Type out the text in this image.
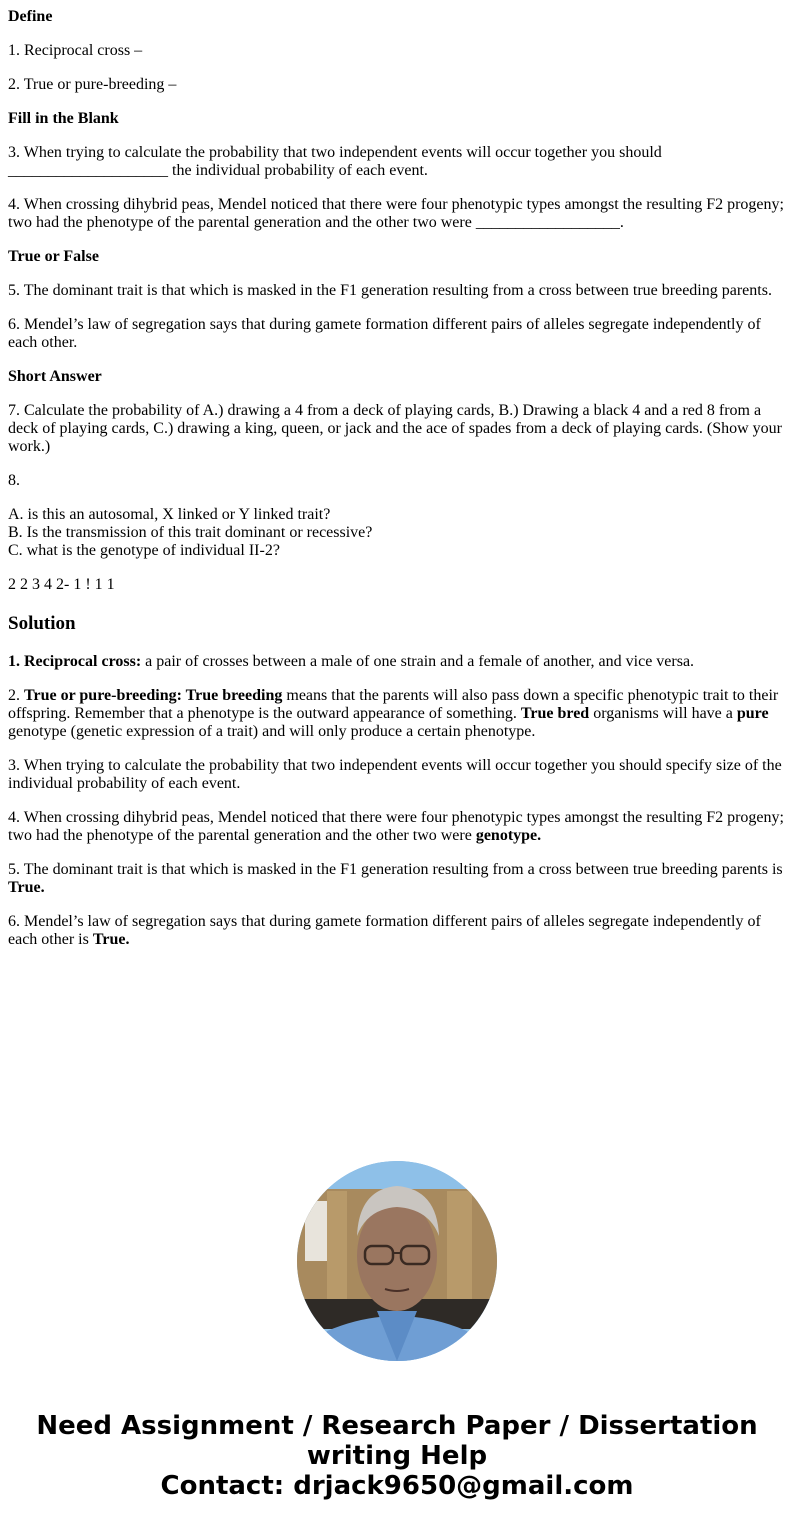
Define

1. Reciprocal cross –

2. True or pure-breeding –

Fill in the Blank

3. When trying to calculate the probability that two independent events will occur together you should
____________________ the individual probability of each event.

4. When crossing dihybrid peas, Mendel noticed that there were four phenotypic types amongst the resulting F2 progeny; two had the phenotype of the parental generation and the other two were __________________.

True or False

5. The dominant trait is that which is masked in the F1 generation resulting from a cross between true breeding parents.

6. Mendel’s law of segregation says that during gamete formation different pairs of alleles segregate independently of each other.

Short Answer

7. Calculate the probability of A.) drawing a 4 from a deck of playing cards, B.) Drawing a black 4 and a red 8 from a deck of playing cards, C.) drawing a king, queen, or jack and the ace of spades from a deck of playing cards. (Show your work.)

8.

A. is this an autosomal, X linked or Y linked trait?
B. Is the transmission of this trait dominant or recessive?
C. what is the genotype of individual II-2?

2 2 3 4 2- 1 ! 1 1

Solution

1. Reciprocal cross: a pair of crosses between a male of one strain and a female of another, and vice versa.

2. True or pure-breeding: True breeding means that the parents will also pass down a specific phenotypic trait to their offspring. Remember that a phenotype is the outward appearance of something. True bred organisms will have a pure genotype (genetic expression of a trait) and will only produce a certain phenotype.

3. When trying to calculate the probability that two independent events will occur together you should specify size of the individual probability of each event.

4. When crossing dihybrid peas, Mendel noticed that there were four phenotypic types amongst the resulting F2 progeny; two had the phenotype of the parental generation and the other two were genotype.

5. The dominant trait is that which is masked in the F1 generation resulting from a cross between true breeding parents is True.

6. Mendel’s law of segregation says that during gamete formation different pairs of alleles segregate independently of each other is True.

Need Assignment / Research Paper / Dissertation
writing Help
Contact: drjack9650@gmail.com
